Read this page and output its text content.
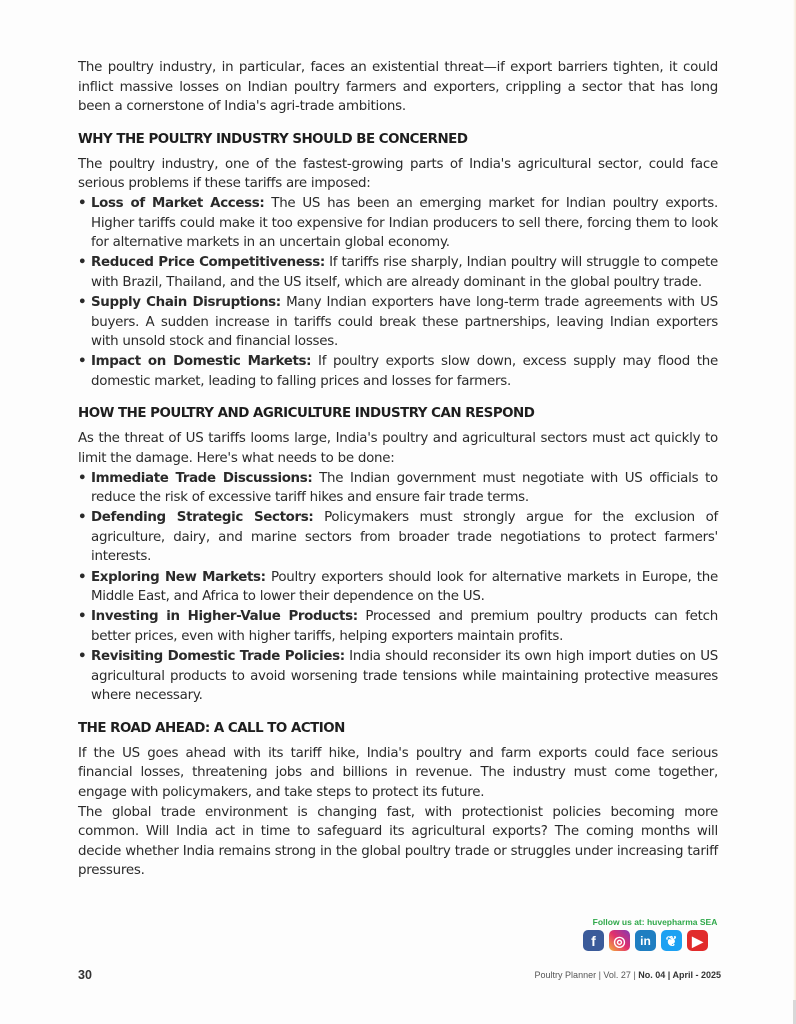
The poultry industry, in particular, faces an existential threat—if export barriers tighten, it could inflict massive losses on Indian poultry farmers and exporters, crippling a sector that has long been a cornerstone of India's agri-trade ambitions.

WHY THE POULTRY INDUSTRY SHOULD BE CONCERNED

The poultry industry, one of the fastest-growing parts of India's agricultural sector, could face serious problems if these tariffs are imposed:

• Loss of Market Access: The US has been an emerging market for Indian poultry exports. Higher tariffs could make it too expensive for Indian producers to sell there, forcing them to look for alternative markets in an uncertain global economy.
• Reduced Price Competitiveness: If tariffs rise sharply, Indian poultry will struggle to compete with Brazil, Thailand, and the US itself, which are already dominant in the global poultry trade.
• Supply Chain Disruptions: Many Indian exporters have long-term trade agreements with US buyers. A sudden increase in tariffs could break these partnerships, leaving Indian exporters with unsold stock and financial losses.
• Impact on Domestic Markets: If poultry exports slow down, excess supply may flood the domestic market, leading to falling prices and losses for farmers.
HOW THE POULTRY AND AGRICULTURE INDUSTRY CAN RESPOND

As the threat of US tariffs looms large, India's poultry and agricultural sectors must act quickly to limit the damage. Here's what needs to be done:

• Immediate Trade Discussions: The Indian government must negotiate with US officials to reduce the risk of excessive tariff hikes and ensure fair trade terms.
• Defending Strategic Sectors: Policymakers must strongly argue for the exclusion of agriculture, dairy, and marine sectors from broader trade negotiations to protect farmers' interests.
• Exploring New Markets: Poultry exporters should look for alternative markets in Europe, the Middle East, and Africa to lower their dependence on the US.
• Investing in Higher-Value Products: Processed and premium poultry products can fetch better prices, even with higher tariffs, helping exporters maintain profits.
• Revisiting Domestic Trade Policies: India should reconsider its own high import duties on US agricultural products to avoid worsening trade tensions while maintaining protective measures where necessary.
THE ROAD AHEAD: A CALL TO ACTION

If the US goes ahead with its tariff hike, India's poultry and farm exports could face serious financial losses, threatening jobs and billions in revenue. The industry must come together, engage with policymakers, and take steps to protect its future.

The global trade environment is changing fast, with protectionist policies becoming more common. Will India act in time to safeguard its agricultural exports? The coming months will decide whether India remains strong in the global poultry trade or struggles under increasing tariff pressures.

Follow us at: huvepharma SEA
f	◎	in	❦	▶
30	Poultry Planner | Vol. 27 | No. 04 | April - 2025
